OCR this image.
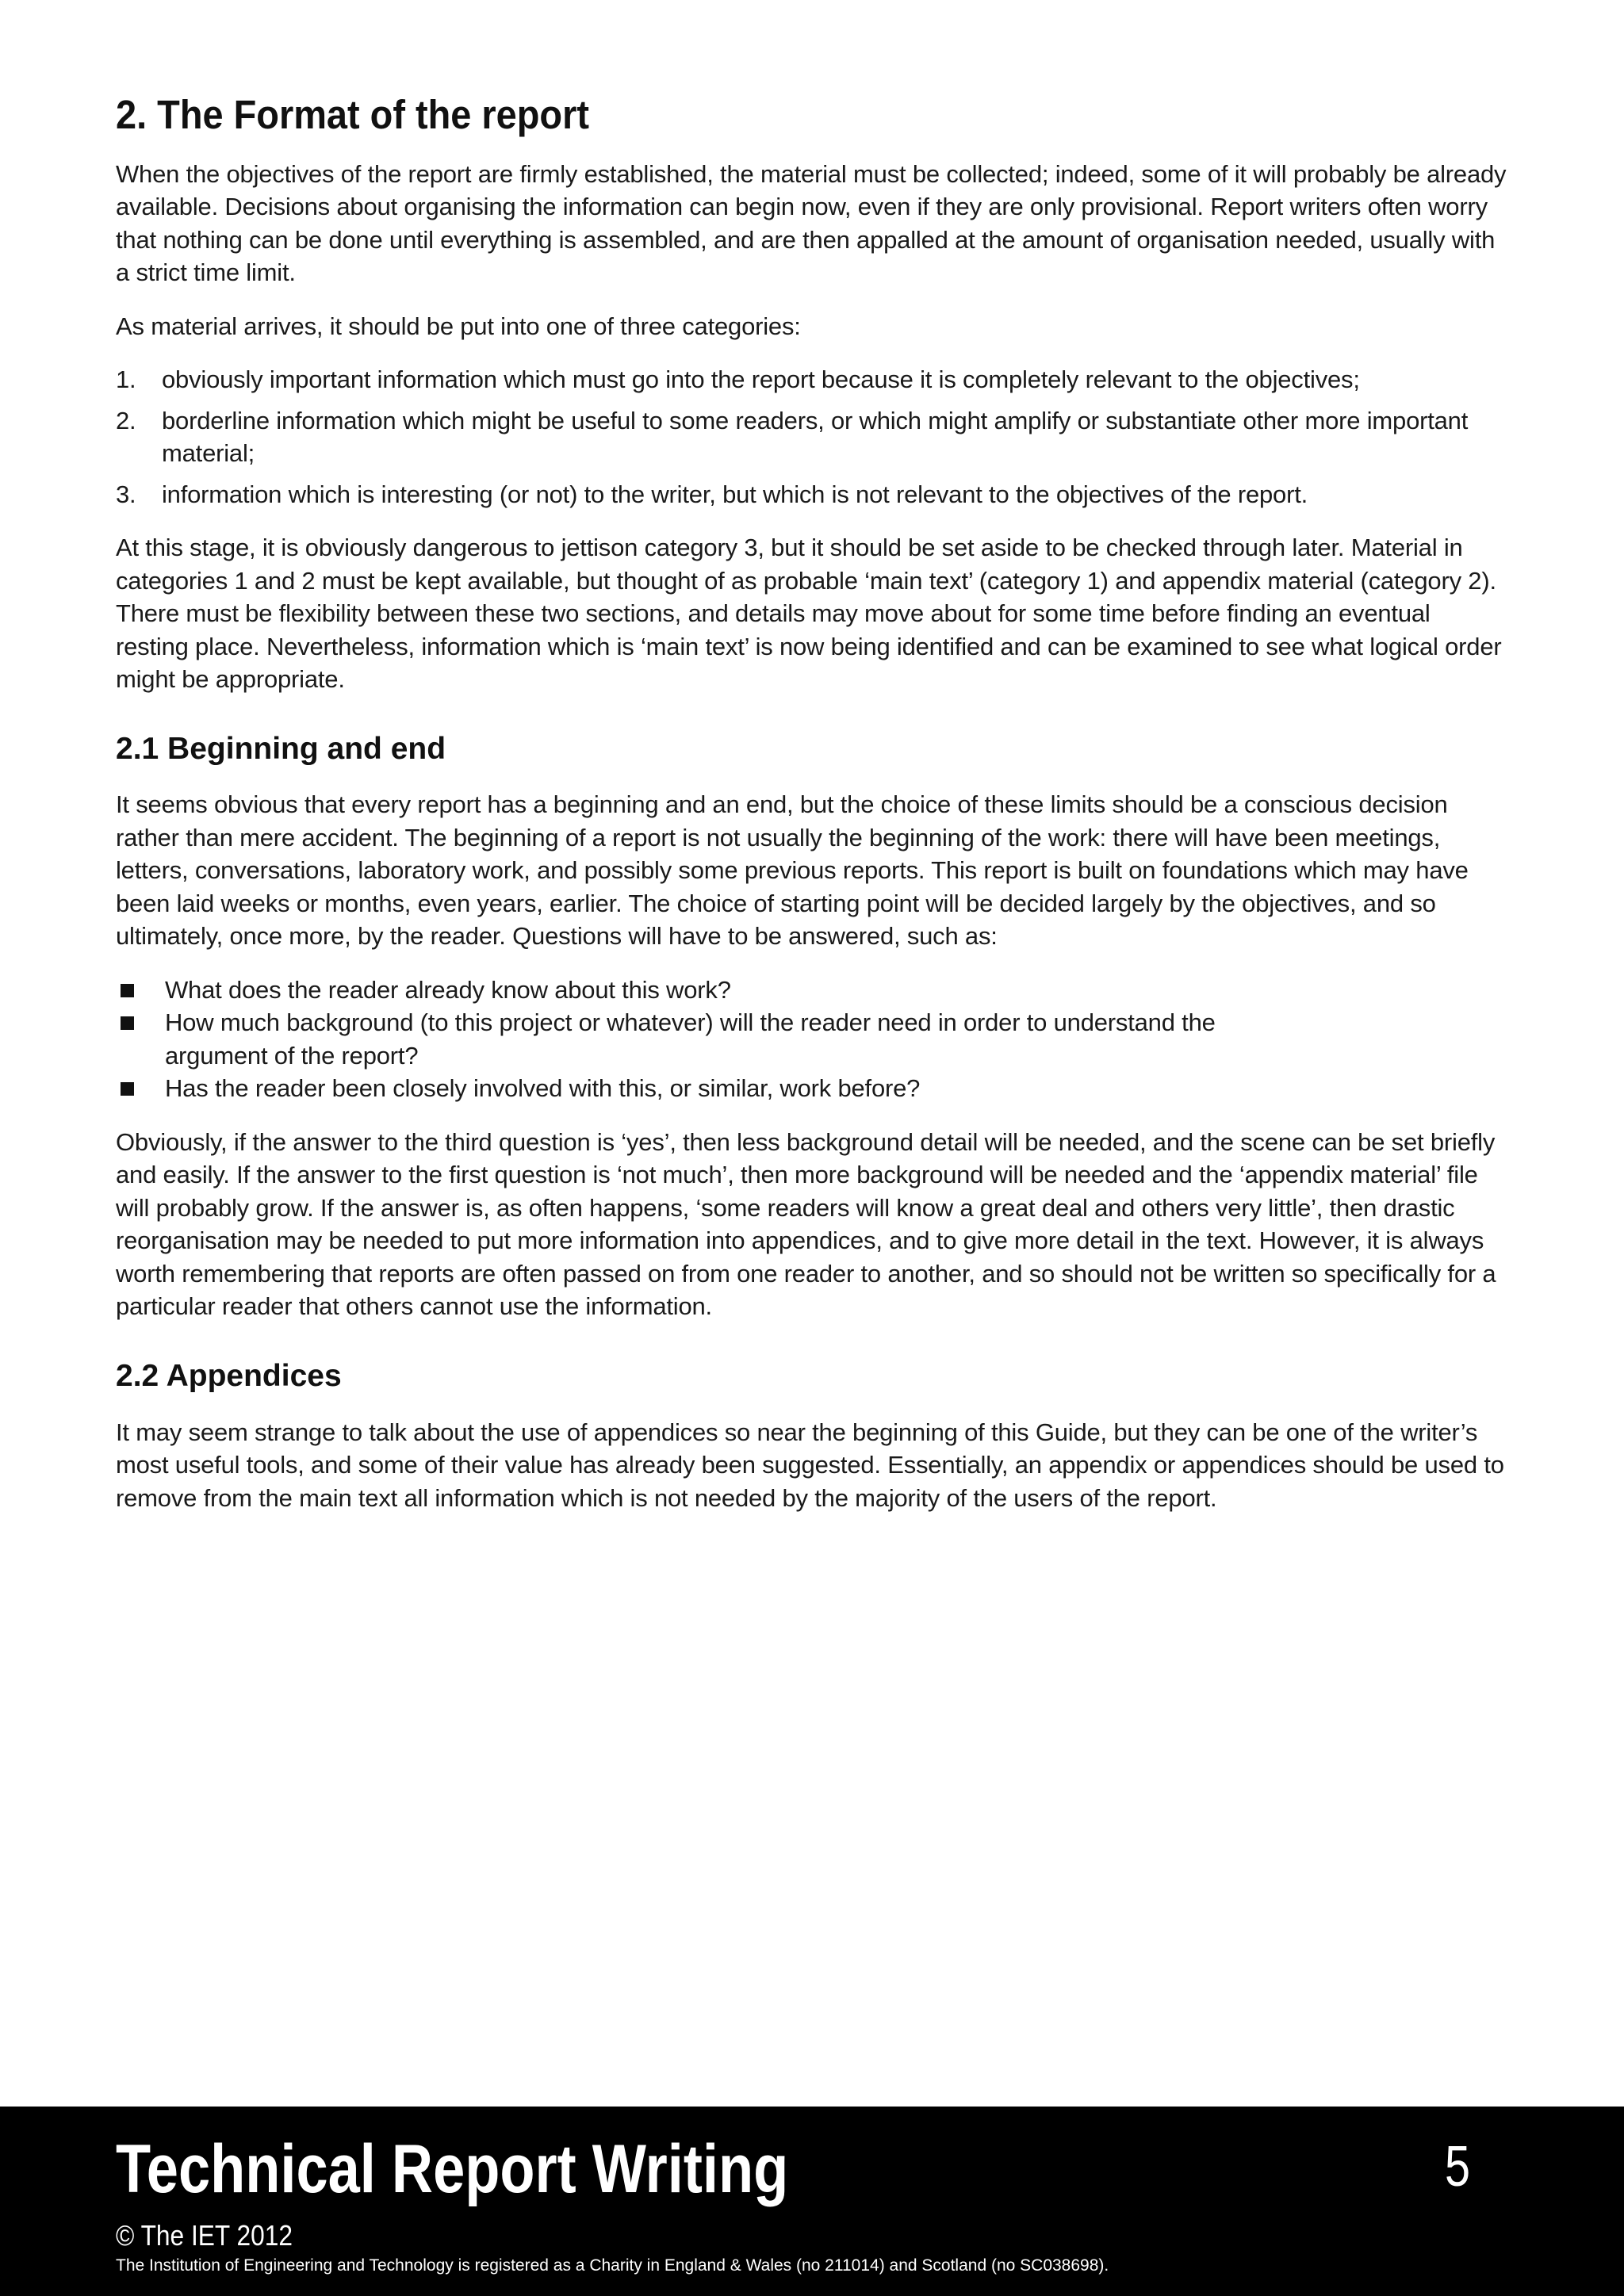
2. The Format of the report

When the objectives of the report are firmly established, the material must be collected; indeed, some of it will probably be already available. Decisions about organising the information can begin now, even if they are only provisional. Report writers often worry that nothing can be done until everything is assembled, and are then appalled at the amount of organisation needed, usually with a strict time limit.

As material arrives, it should be put into one of three categories:

1. obviously important information which must go into the report because it is completely relevant to the objectives;
2. borderline information which might be useful to some readers, or which might amplify or substantiate other more important material;
3. information which is interesting (or not) to the writer, but which is not relevant to the objectives of the report.

At this stage, it is obviously dangerous to jettison category 3, but it should be set aside to be checked through later. Material in categories 1 and 2 must be kept available, but thought of as probable ‘main text’ (category 1) and appendix material (category 2). There must be flexibility between these two sections, and details may move about for some time before finding an eventual resting place. Nevertheless, information which is ‘main text’ is now being identified and can be examined to see what logical order might be appropriate.

2.1 Beginning and end

It seems obvious that every report has a beginning and an end, but the choice of these limits should be a conscious decision rather than mere accident. The beginning of a report is not usually the beginning of the work: there will have been meetings, letters, conversations, laboratory work, and possibly some previous reports. This report is built on foundations which may have been laid weeks or months, even years, earlier. The choice of starting point will be decided largely by the objectives, and so ultimately, once more, by the reader. Questions will have to be answered, such as:

What does the reader already know about this work?
How much background (to this project or whatever) will the reader need in order to understand the argument of the report?
Has the reader been closely involved with this, or similar, work before?

Obviously, if the answer to the third question is ‘yes’, then less background detail will be needed, and the scene can be set briefly and easily. If the answer to the first question is ‘not much’, then more background will be needed and the ‘appendix material’ file will probably grow. If the answer is, as often happens, ‘some readers will know a great deal and others very little’, then drastic reorganisation may be needed to put more information into appendices, and to give more detail in the text. However, it is always worth remembering that reports are often passed on from one reader to another, and so should not be written so specifically for a particular reader that others cannot use the information.

2.2 Appendices

It may seem strange to talk about the use of appendices so near the beginning of this Guide, but they can be one of the writer’s most useful tools, and some of their value has already been suggested. Essentially, an appendix or appendices should be used to remove from the main text all information which is not needed by the majority of the users of the report.

Technical Report Writing	5
© The IET 2012
The Institution of Engineering and Technology is registered as a Charity in England & Wales (no 211014) and Scotland (no SC038698).
